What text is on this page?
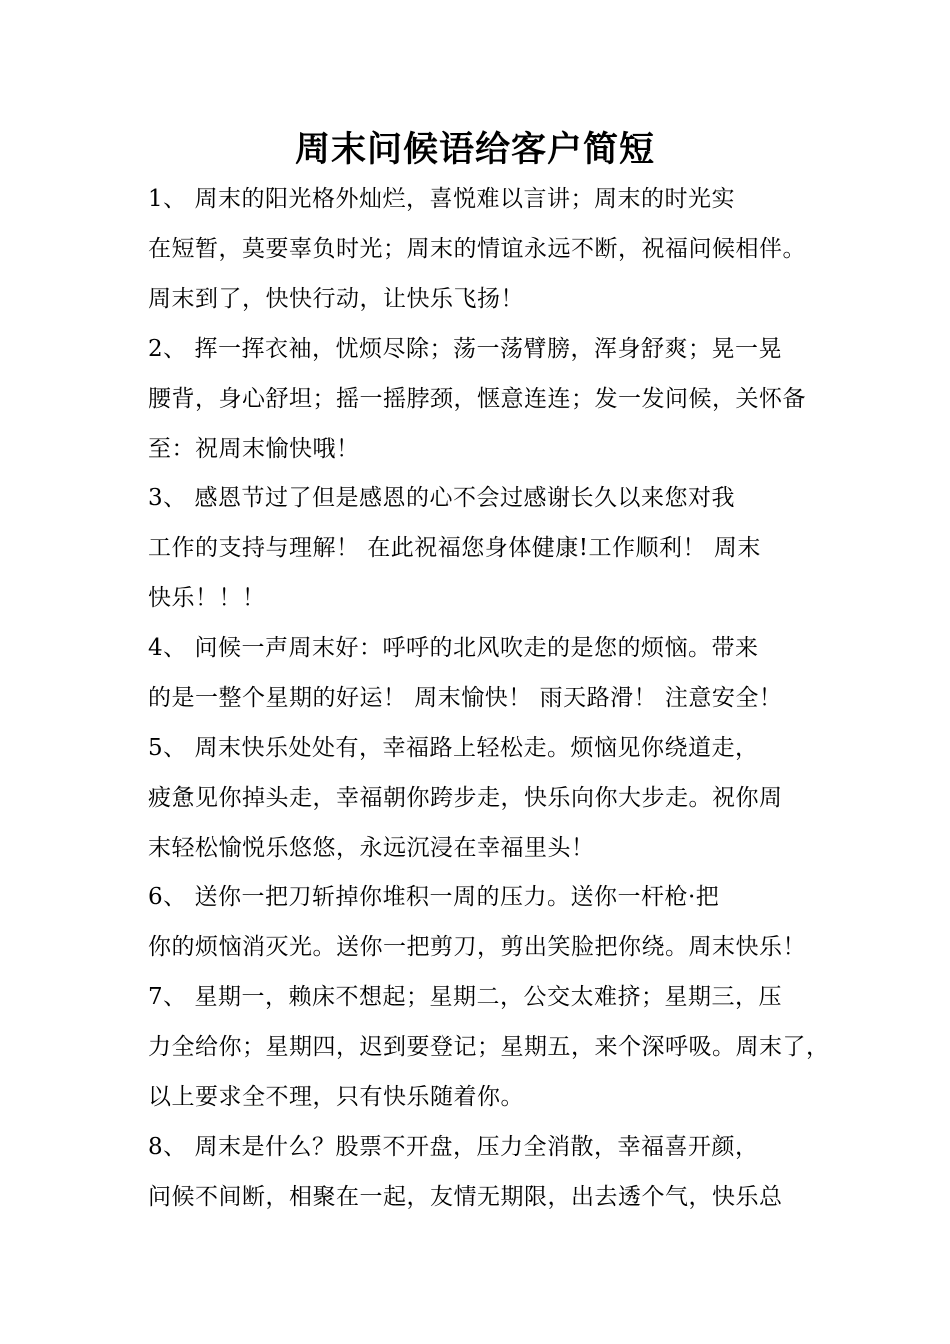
周末问候语给客户简短
1、 周末的阳光格外灿烂，喜悦难以言讲；周末的时光实
在短暂，莫要辜负时光；周末的情谊永远不断，祝福问候相伴。
周末到了，快快行动，让快乐飞扬！
2、 挥一挥衣袖，忧烦尽除；荡一荡臂膀，浑身舒爽；晃一晃
腰背，身心舒坦；摇一摇脖颈，惬意连连；发一发问候，关怀备
至：祝周末愉快哦！
3、 感恩节过了但是感恩的心不会过感谢长久以来您对我
工作的支持与理解！ 在此祝福您身体健康!工作顺利！ 周末
快乐！！！
4、 问候一声周末好：呼呼的北风吹走的是您的烦恼。带来
的是一整个星期的好运！ 周末愉快！ 雨天路滑！ 注意安全！
5、 周末快乐处处有，幸福路上轻松走。烦恼见你绕道走，
疲惫见你掉头走，幸福朝你跨步走，快乐向你大步走。祝你周
末轻松愉悦乐悠悠，永远沉浸在幸福里头！
6、 送你一把刀斩掉你堆积一周的压力。送你一杆枪·把
你的烦恼消灭光。送你一把剪刀，剪出笑脸把你绕。周末快乐！
7、 星期一，赖床不想起；星期二，公交太难挤；星期三，压
力全给你；星期四，迟到要登记；星期五，来个深呼吸。周末了，
以上要求全不理，只有快乐随着你。
8、 周末是什么？股票不开盘，压力全消散，幸福喜开颜，
问候不间断，相聚在一起，友情无期限，出去透个气，快乐总
